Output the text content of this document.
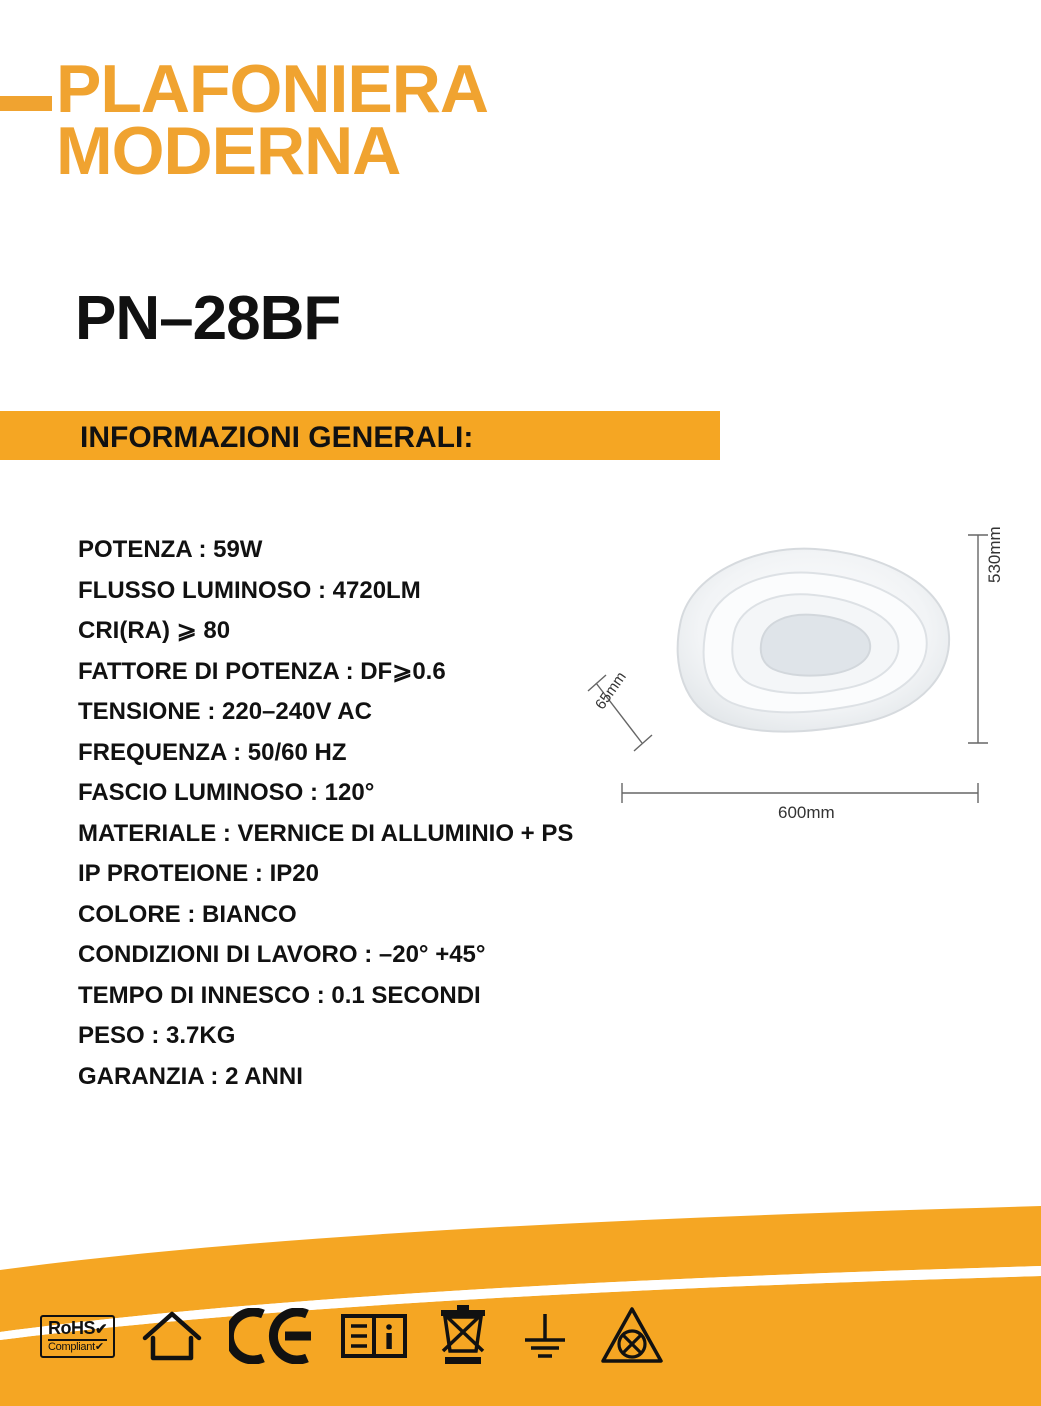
PLAFONIERA
MODERNA
PN–28BF
INFORMAZIONI GENERALI:
POTENZA : 59W
FLUSSO LUMINOSO : 4720LM
CRI(RA) ⩾ 80
FATTORE DI POTENZA : DF⩾0.6
TENSIONE : 220–240V AC
FREQUENZA : 50/60 HZ
FASCIO LUMINOSO : 120°
MATERIALE : VERNICE DI ALLUMINIO + PS
IP PROTEIONE : IP20
COLORE : BIANCO
CONDIZIONI DI LAVORO : –20° +45°
TEMPO DI INNESCO : 0.1 SECONDI
PESO : 3.7KG
GARANZIA : 2 ANNI
600mm
530mm
65mm
RoHS✔
Compliant✔
